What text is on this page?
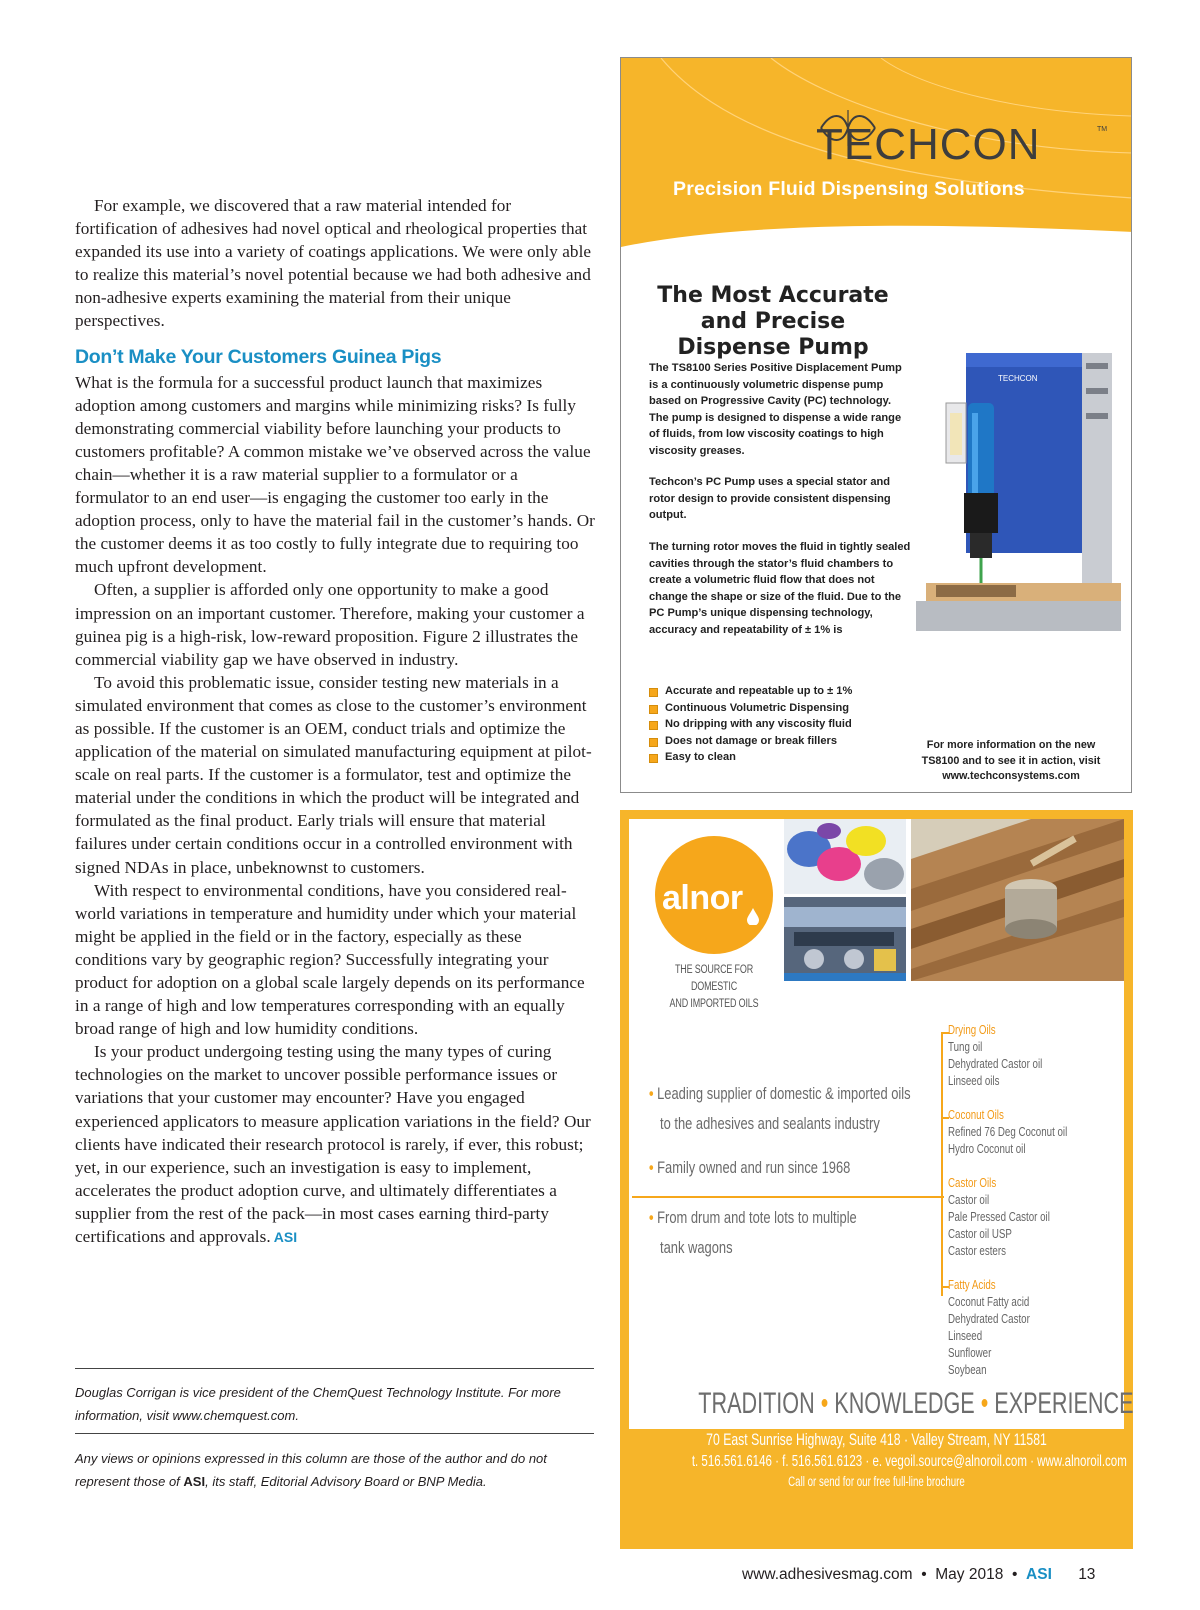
For example, we discovered that a raw material intended for fortification of adhesives had novel optical and rheological properties that expanded its use into a variety of coatings applications. We were only able to realize this material’s novel potential because we had both adhesive and non-adhesive experts examining the material from their unique perspectives.

Don’t Make Your Customers Guinea Pigs

What is the formula for a successful product launch that maximizes adoption among customers and margins while minimizing risks? Is fully demonstrating commercial viability before launching your products to customers profitable? A common mistake we’ve observed across the value chain—whether it is a raw material supplier to a formulator or a formulator to an end user—is engaging the customer too early in the adoption process, only to have the material fail in the customer’s hands. Or the customer deems it as too costly to fully integrate due to requiring too much upfront development.

Often, a supplier is afforded only one opportunity to make a good impression on an important customer. Therefore, making your customer a guinea pig is a high-risk, low-reward proposition. Figure 2 illustrates the commercial viability gap we have observed in industry.

To avoid this problematic issue, consider testing new materials in a simulated environment that comes as close to the customer’s environment as possible. If the customer is an OEM, conduct trials and optimize the application of the material on simulated manufacturing equipment at pilot-scale on real parts. If the customer is a formulator, test and optimize the material under the conditions in which the product will be integrated and formulated as the final product. Early trials will ensure that material failures under certain conditions occur in a controlled environment with signed NDAs in place, unbeknownst to customers.

With respect to environmental conditions, have you considered real-world variations in temperature and humidity under which your material might be applied in the field or in the factory, especially as these conditions vary by geographic region? Successfully integrating your product for adoption on a global scale largely depends on its performance in a range of high and low temperatures corresponding with an equally broad range of high and low humidity conditions.

Is your product undergoing testing using the many types of curing technologies on the market to uncover possible performance issues or variations that your customer may encounter? Have you engaged experienced applicators to measure application variations in the field? Our clients have indicated their research protocol is rarely, if ever, this robust; yet, in our experience, such an investigation is easy to implement, accelerates the product adoption curve, and ultimately differentiates a supplier from the rest of the pack—in most cases earning third-party certifications and approvals. ASI

Douglas Corrigan is vice president of the ChemQuest Technology Institute. For more information, visit www.chemquest.com.
Any views or opinions expressed in this column are those of the author and do not represent those of ASI, its staff, Editorial Advisory Board or BNP Media.
TECHCON	TM
Precision Fluid Dispensing Solutions
The Most Accurate
and Precise
Dispense Pump
The TS8100 Series Positive Displacement Pump is a continuously volumetric dispense pump based on Progressive Cavity (PC) technology. The pump is designed to dispense a wide range of fluids, from low viscosity coatings to high viscosity greases.
Techcon’s PC Pump uses a special stator and rotor design to provide consistent dispensing output.
The turning rotor moves the fluid in tightly sealed cavities through the stator’s fluid chambers to create a volumetric fluid flow that does not change the shape or size of the fluid. Due to the PC Pump’s unique dispensing technology, accuracy and repeatability of ± 1% is
Accurate and repeatable up to ± 1%
Continuous Volumetric Dispensing
No dripping with any viscosity fluid
Does not damage or break fillers
Easy to clean
TECHCON
For more information on the new TS8100 and to see it in action, visit www.techconsystems.com
alnor
THE SOURCE FOR DOMESTIC
AND IMPORTED OILS
• Leading supplier of domestic & imported oils
to the adhesives and sealants industry
• Family owned and run since 1968
• From drum and tote lots to multiple
tank wagons
Drying Oils
Tung oil
Dehydrated Castor oil
Linseed oils
Coconut Oils
Refined 76 Deg Coconut oil
Hydro Coconut oil
Castor Oils
Castor oil
Pale Pressed Castor oil
Castor oil USP
Castor esters
Fatty Acids
Coconut Fatty acid
Dehydrated Castor
Linseed
Sunflower
Soybean
TRADITION • KNOWLEDGE • EXPERIENCE
70 East Sunrise Highway, Suite 418 · Valley Stream, NY 11581
t. 516.561.6146 · f. 516.561.6123 · e. vegoil.source@alnoroil.com · www.alnoroil.com
Call or send for our free full-line brochure
www.adhesivesmag.com • May 2018 • ASI 13
